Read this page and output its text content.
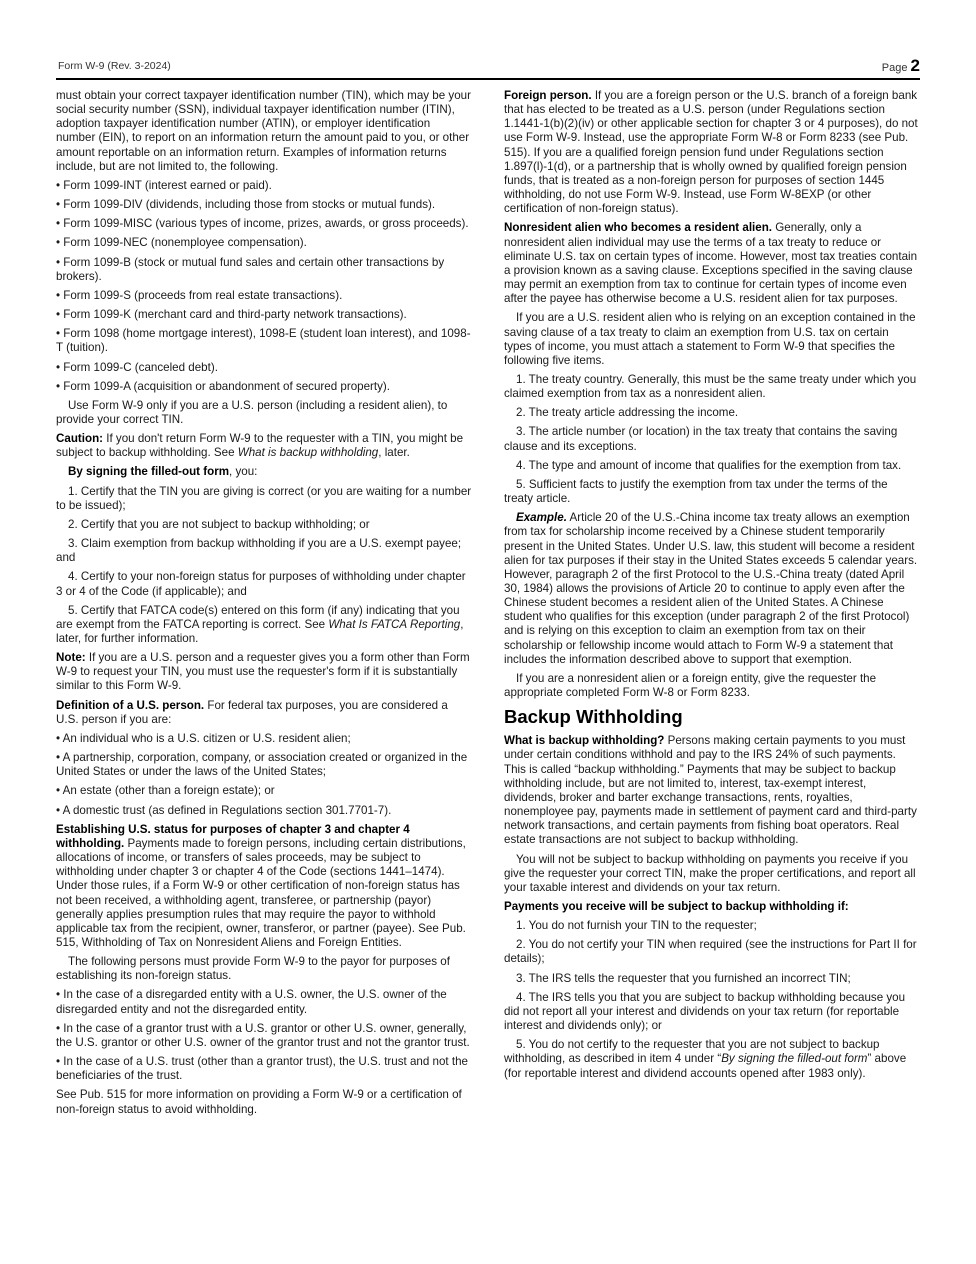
Form W-9 (Rev. 3-2024)	Page 2

must obtain your correct taxpayer identification number (TIN), which may be your social security number (SSN), individual taxpayer identification number (ITIN), adoption taxpayer identification number (ATIN), or employer identification number (EIN), to report on an information return the amount paid to you, or other amount reportable on an information return. Examples of information returns include, but are not limited to, the following.

• Form 1099-INT (interest earned or paid).

• Form 1099-DIV (dividends, including those from stocks or mutual funds).

• Form 1099-MISC (various types of income, prizes, awards, or gross proceeds).

• Form 1099-NEC (nonemployee compensation).

• Form 1099-B (stock or mutual fund sales and certain other transactions by brokers).

• Form 1099-S (proceeds from real estate transactions).

• Form 1099-K (merchant card and third-party network transactions).

• Form 1098 (home mortgage interest), 1098-E (student loan interest), and 1098-T (tuition).

• Form 1099-C (canceled debt).

• Form 1099-A (acquisition or abandonment of secured property).

Use Form W-9 only if you are a U.S. person (including a resident alien), to provide your correct TIN.

Caution: If you don't return Form W-9 to the requester with a TIN, you might be subject to backup withholding. See What is backup withholding, later.

By signing the filled-out form, you:

1. Certify that the TIN you are giving is correct (or you are waiting for a number to be issued);

2. Certify that you are not subject to backup withholding; or

3. Claim exemption from backup withholding if you are a U.S. exempt payee; and

4. Certify to your non-foreign status for purposes of withholding under chapter 3 or 4 of the Code (if applicable); and

5. Certify that FATCA code(s) entered on this form (if any) indicating that you are exempt from the FATCA reporting is correct. See What Is FATCA Reporting, later, for further information.

Note: If you are a U.S. person and a requester gives you a form other than Form W-9 to request your TIN, you must use the requester's form if it is substantially similar to this Form W-9.

Definition of a U.S. person. For federal tax purposes, you are considered a U.S. person if you are:

• An individual who is a U.S. citizen or U.S. resident alien;

• A partnership, corporation, company, or association created or organized in the United States or under the laws of the United States;

• An estate (other than a foreign estate); or

• A domestic trust (as defined in Regulations section 301.7701-7).

Establishing U.S. status for purposes of chapter 3 and chapter 4 withholding. Payments made to foreign persons, including certain distributions, allocations of income, or transfers of sales proceeds, may be subject to withholding under chapter 3 or chapter 4 of the Code (sections 1441–1474). Under those rules, if a Form W-9 or other certification of non-foreign status has not been received, a withholding agent, transferee, or partnership (payor) generally applies presumption rules that may require the payor to withhold applicable tax from the recipient, owner, transferor, or partner (payee). See Pub. 515, Withholding of Tax on Nonresident Aliens and Foreign Entities.

The following persons must provide Form W-9 to the payor for purposes of establishing its non-foreign status.

• In the case of a disregarded entity with a U.S. owner, the U.S. owner of the disregarded entity and not the disregarded entity.

• In the case of a grantor trust with a U.S. grantor or other U.S. owner, generally, the U.S. grantor or other U.S. owner of the grantor trust and not the grantor trust.

• In the case of a U.S. trust (other than a grantor trust), the U.S. trust and not the beneficiaries of the trust.

See Pub. 515 for more information on providing a Form W-9 or a certification of non-foreign status to avoid withholding.

Foreign person. If you are a foreign person or the U.S. branch of a foreign bank that has elected to be treated as a U.S. person (under Regulations section 1.1441-1(b)(2)(iv) or other applicable section for chapter 3 or 4 purposes), do not use Form W-9. Instead, use the appropriate Form W-8 or Form 8233 (see Pub. 515). If you are a qualified foreign pension fund under Regulations section 1.897(l)-1(d), or a partnership that is wholly owned by qualified foreign pension funds, that is treated as a non-foreign person for purposes of section 1445 withholding, do not use Form W-9. Instead, use Form W-8EXP (or other certification of non-foreign status).

Nonresident alien who becomes a resident alien. Generally, only a nonresident alien individual may use the terms of a tax treaty to reduce or eliminate U.S. tax on certain types of income. However, most tax treaties contain a provision known as a saving clause. Exceptions specified in the saving clause may permit an exemption from tax to continue for certain types of income even after the payee has otherwise become a U.S. resident alien for tax purposes.

If you are a U.S. resident alien who is relying on an exception contained in the saving clause of a tax treaty to claim an exemption from U.S. tax on certain types of income, you must attach a statement to Form W-9 that specifies the following five items.

1. The treaty country. Generally, this must be the same treaty under which you claimed exemption from tax as a nonresident alien.

2. The treaty article addressing the income.

3. The article number (or location) in the tax treaty that contains the saving clause and its exceptions.

4. The type and amount of income that qualifies for the exemption from tax.

5. Sufficient facts to justify the exemption from tax under the terms of the treaty article.

Example. Article 20 of the U.S.-China income tax treaty allows an exemption from tax for scholarship income received by a Chinese student temporarily present in the United States. Under U.S. law, this student will become a resident alien for tax purposes if their stay in the United States exceeds 5 calendar years. However, paragraph 2 of the first Protocol to the U.S.-China treaty (dated April 30, 1984) allows the provisions of Article 20 to continue to apply even after the Chinese student becomes a resident alien of the United States. A Chinese student who qualifies for this exception (under paragraph 2 of the first Protocol) and is relying on this exception to claim an exemption from tax on their scholarship or fellowship income would attach to Form W-9 a statement that includes the information described above to support that exemption.

If you are a nonresident alien or a foreign entity, give the requester the appropriate completed Form W-8 or Form 8233.

Backup Withholding

What is backup withholding? Persons making certain payments to you must under certain conditions withhold and pay to the IRS 24% of such payments. This is called “backup withholding.” Payments that may be subject to backup withholding include, but are not limited to, interest, tax-exempt interest, dividends, broker and barter exchange transactions, rents, royalties, nonemployee pay, payments made in settlement of payment card and third-party network transactions, and certain payments from fishing boat operators. Real estate transactions are not subject to backup withholding.

You will not be subject to backup withholding on payments you receive if you give the requester your correct TIN, make the proper certifications, and report all your taxable interest and dividends on your tax return.

Payments you receive will be subject to backup withholding if:

1. You do not furnish your TIN to the requester;

2. You do not certify your TIN when required (see the instructions for Part II for details);

3. The IRS tells the requester that you furnished an incorrect TIN;

4. The IRS tells you that you are subject to backup withholding because you did not report all your interest and dividends on your tax return (for reportable interest and dividends only); or

5. You do not certify to the requester that you are not subject to backup withholding, as described in item 4 under “By signing the filled-out form” above (for reportable interest and dividend accounts opened after 1983 only).
